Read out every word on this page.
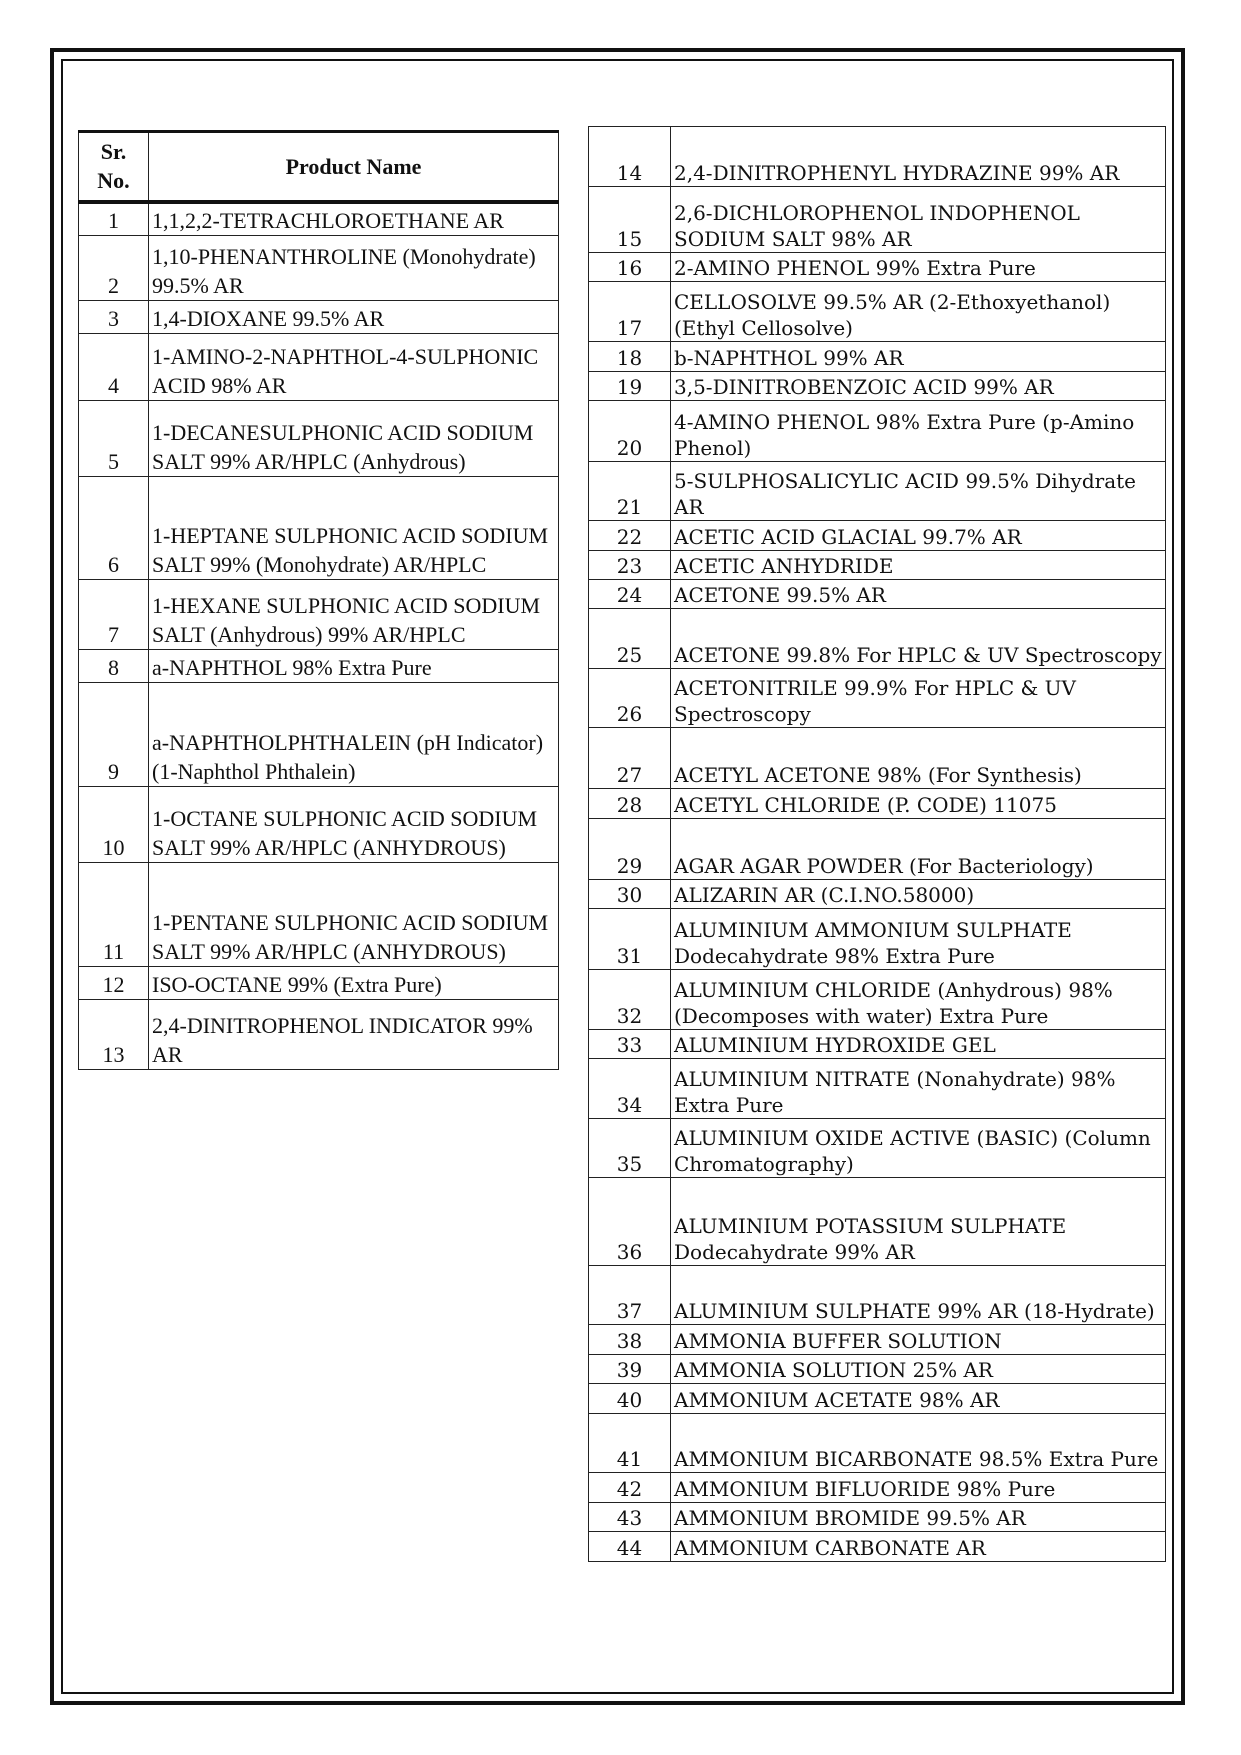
Sr. No.	Product Name
1	1,1,2,2-TETRACHLOROETHANE AR
2	1,10-PHENANTHROLINE (Monohydrate) 99.5% AR
3	1,4-DIOXANE 99.5% AR
4	1-AMINO-2-NAPHTHOL-4-SULPHONIC ACID 98% AR
5	1-DECANESULPHONIC ACID SODIUM SALT 99% AR/HPLC (Anhydrous)
6	1-HEPTANE SULPHONIC ACID SODIUM SALT 99% (Monohydrate) AR/HPLC
7	1-HEXANE SULPHONIC ACID SODIUM SALT (Anhydrous) 99% AR/HPLC
8	a-NAPHTHOL 98% Extra Pure
9	a-NAPHTHOLPHTHALEIN (pH Indicator) (1-Naphthol Phthalein)
10	1-OCTANE SULPHONIC ACID SODIUM SALT 99% AR/HPLC (ANHYDROUS)
11	1-PENTANE SULPHONIC ACID SODIUM SALT 99% AR/HPLC (ANHYDROUS)
12	ISO-OCTANE 99% (Extra Pure)
13	2,4-DINITROPHENOL INDICATOR 99% AR
14	2,4-DINITROPHENYL HYDRAZINE 99% AR
15	2,6-DICHLOROPHENOL INDOPHENOL SODIUM SALT 98% AR
16	2-AMINO PHENOL 99% Extra Pure
17	CELLOSOLVE 99.5% AR (2-Ethoxyethanol) (Ethyl Cellosolve)
18	b-NAPHTHOL 99% AR
19	3,5-DINITROBENZOIC ACID 99% AR
20	4-AMINO PHENOL 98% Extra Pure (p-Amino Phenol)
21	5-SULPHOSALICYLIC ACID 99.5% Dihydrate AR
22	ACETIC ACID GLACIAL 99.7% AR
23	ACETIC ANHYDRIDE
24	ACETONE 99.5% AR
25	ACETONE 99.8% For HPLC & UV Spectroscopy
26	ACETONITRILE 99.9% For HPLC & UV Spectroscopy
27	ACETYL ACETONE 98% (For Synthesis)
28	ACETYL CHLORIDE (P. CODE) 11075
29	AGAR AGAR POWDER (For Bacteriology)
30	ALIZARIN AR (C.I.NO.58000)
31	ALUMINIUM AMMONIUM SULPHATE Dodecahydrate 98% Extra Pure
32	ALUMINIUM CHLORIDE (Anhydrous) 98% (Decomposes with water) Extra Pure
33	ALUMINIUM HYDROXIDE GEL
34	ALUMINIUM NITRATE (Nonahydrate) 98% Extra Pure
35	ALUMINIUM OXIDE ACTIVE (BASIC) (Column Chromatography)
36	ALUMINIUM POTASSIUM SULPHATE Dodecahydrate 99% AR
37	ALUMINIUM SULPHATE 99% AR (18-Hydrate)
38	AMMONIA BUFFER SOLUTION
39	AMMONIA SOLUTION 25% AR
40	AMMONIUM ACETATE 98% AR
41	AMMONIUM BICARBONATE 98.5% Extra Pure
42	AMMONIUM BIFLUORIDE 98% Pure
43	AMMONIUM BROMIDE 99.5% AR
44	AMMONIUM CARBONATE AR
